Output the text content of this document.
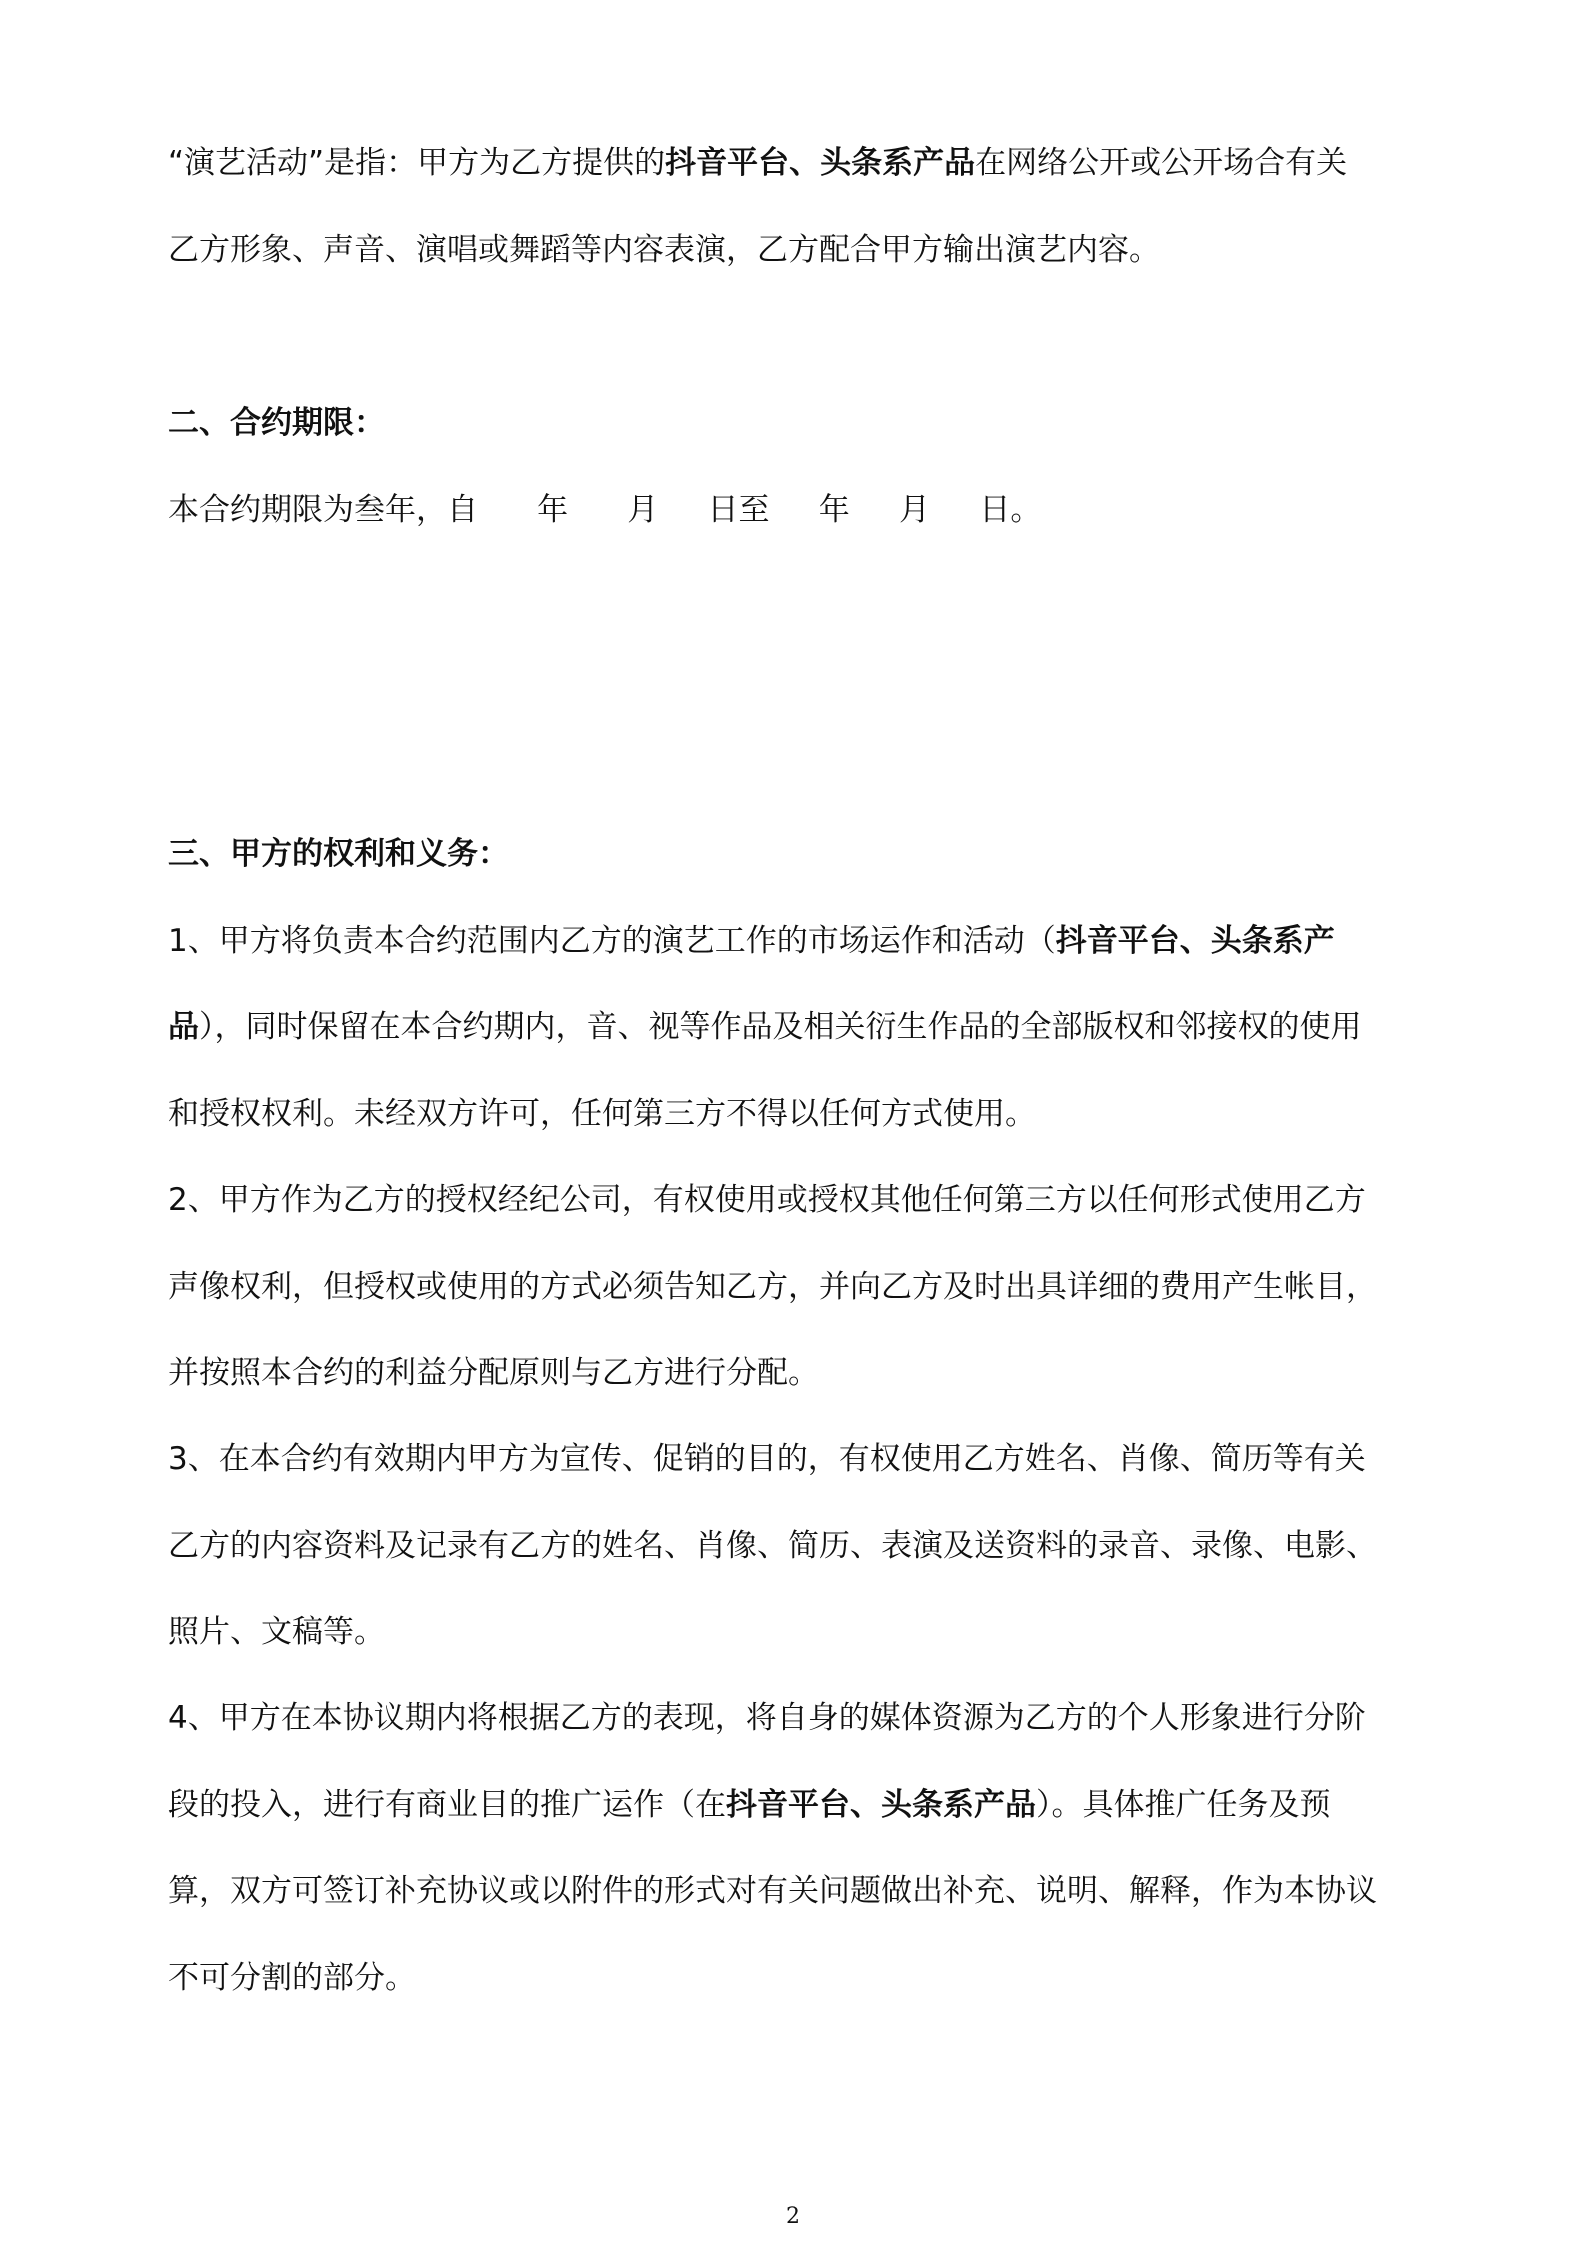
“演艺活动”是指：甲方为乙方提供的抖音平台、头条系产品在网络公开或公开场合有关
乙方形象、声音、演唱或舞蹈等内容表演，乙方配合甲方输出演艺内容。
二、合约期限：
本合约期限为叁年，自      年      月     日至     年     月     日。
三、甲方的权利和义务：
1、甲方将负责本合约范围内乙方的演艺工作的市场运作和活动（抖音平台、头条系产
品），同时保留在本合约期内，音、视等作品及相关衍生作品的全部版权和邻接权的使用
和授权权利。未经双方许可，任何第三方不得以任何方式使用。
2、甲方作为乙方的授权经纪公司，有权使用或授权其他任何第三方以任何形式使用乙方
声像权利，但授权或使用的方式必须告知乙方，并向乙方及时出具详细的费用产生帐目，
并按照本合约的利益分配原则与乙方进行分配。
3、在本合约有效期内甲方为宣传、促销的目的，有权使用乙方姓名、肖像、简历等有关
乙方的内容资料及记录有乙方的姓名、肖像、简历、表演及送资料的录音、录像、电影、
照片、文稿等。
4、甲方在本协议期内将根据乙方的表现，将自身的媒体资源为乙方的个人形象进行分阶
段的投入，进行有商业目的推广运作（在抖音平台、头条系产品）。具体推广任务及预
算，双方可签订补充协议或以附件的形式对有关问题做出补充、说明、解释，作为本协议
不可分割的部分。
2
